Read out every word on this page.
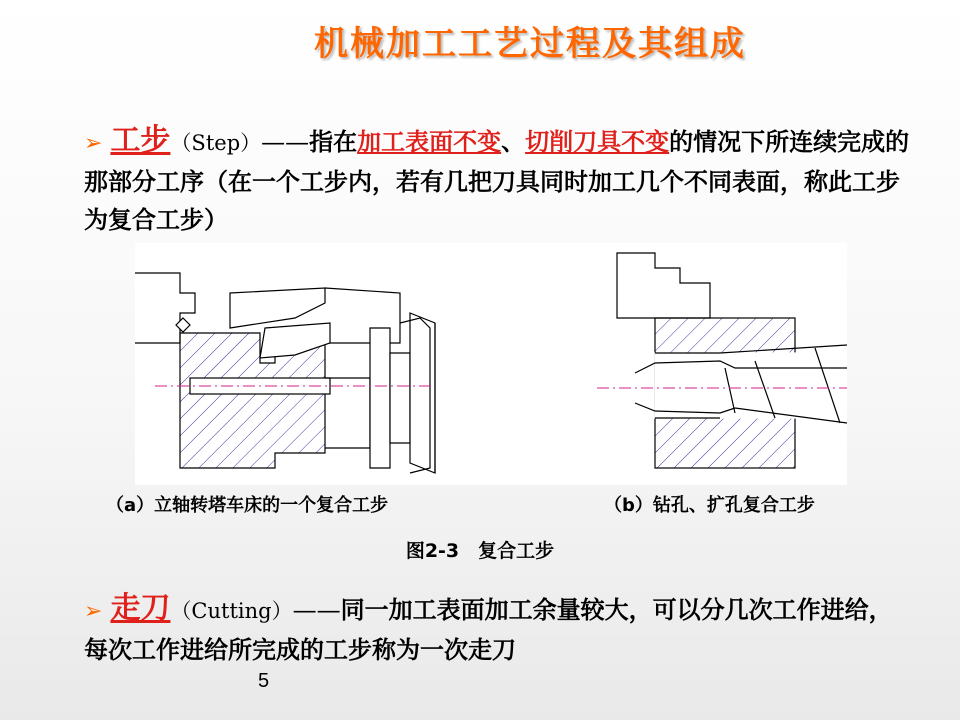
机械加工工艺过程及其组成
➢ 工步（Step）——指在加工表面不变、切削刀具不变的情况下所连续完成的那部分工序（在一个工步内，若有几把刀具同时加工几个不同表面，称此工步为复合工步）
（a）立轴转塔车床的一个复合工步	（b）钻孔、扩孔复合工步
图2-3　复合工步
➢ 走刀（Cutting）——同一加工表面加工余量较大，可以分几次工作进给，每次工作进给所完成的工步称为一次走刀
5
